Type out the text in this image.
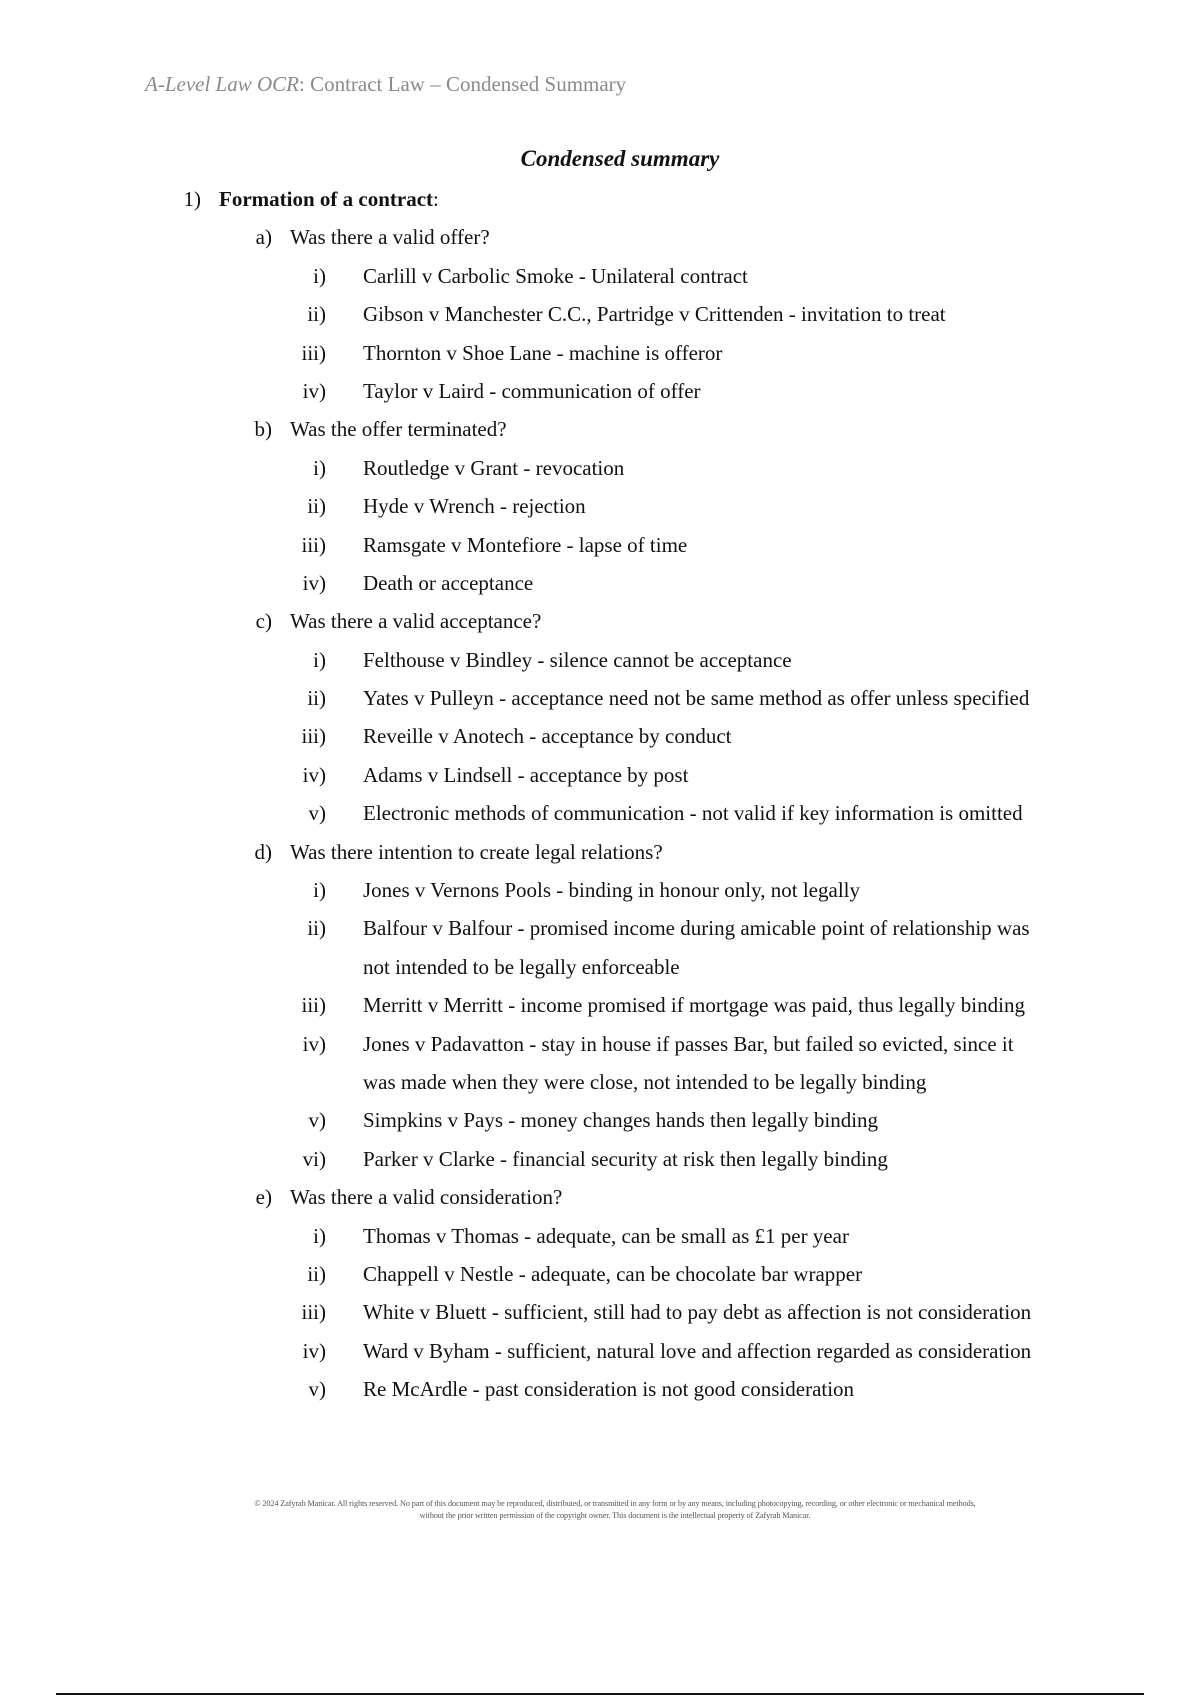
A-Level Law OCR: Contract Law – Condensed Summary
Condensed summary
1) Formation of a contract:
a) Was there a valid offer?
i) Carlill v Carbolic Smoke - Unilateral contract
ii) Gibson v Manchester C.C., Partridge v Crittenden - invitation to treat
iii) Thornton v Shoe Lane - machine is offeror
iv) Taylor v Laird - communication of offer
b) Was the offer terminated?
i) Routledge v Grant - revocation
ii) Hyde v Wrench - rejection
iii) Ramsgate v Montefiore - lapse of time
iv) Death or acceptance
c) Was there a valid acceptance?
i) Felthouse v Bindley - silence cannot be acceptance
ii) Yates v Pulleyn - acceptance need not be same method as offer unless specified
iii) Reveille v Anotech - acceptance by conduct
iv) Adams v Lindsell - acceptance by post
v) Electronic methods of communication - not valid if key information is omitted
d) Was there intention to create legal relations?
i) Jones v Vernons Pools - binding in honour only, not legally
ii) Balfour v Balfour - promised income during amicable point of relationship was
not intended to be legally enforceable
iii) Merritt v Merritt - income promised if mortgage was paid, thus legally binding
iv) Jones v Padavatton - stay in house if passes Bar, but failed so evicted, since it
was made when they were close, not intended to be legally binding
v) Simpkins v Pays - money changes hands then legally binding
vi) Parker v Clarke - financial security at risk then legally binding
e) Was there a valid consideration?
i) Thomas v Thomas - adequate, can be small as £1 per year
ii) Chappell v Nestle - adequate, can be chocolate bar wrapper
iii) White v Bluett - sufficient, still had to pay debt as affection is not consideration
iv) Ward v Byham - sufficient, natural love and affection regarded as consideration
v) Re McArdle - past consideration is not good consideration
© 2024 Zafyrah Manicar. All rights reserved. No part of this document may be reproduced, distributed, or transmitted in any form or by any means, including photocopying, recording, or other electronic or mechanical methods,
without the prior written permission of the copyright owner. This document is the intellectual property of Zafyrah Manicar.
